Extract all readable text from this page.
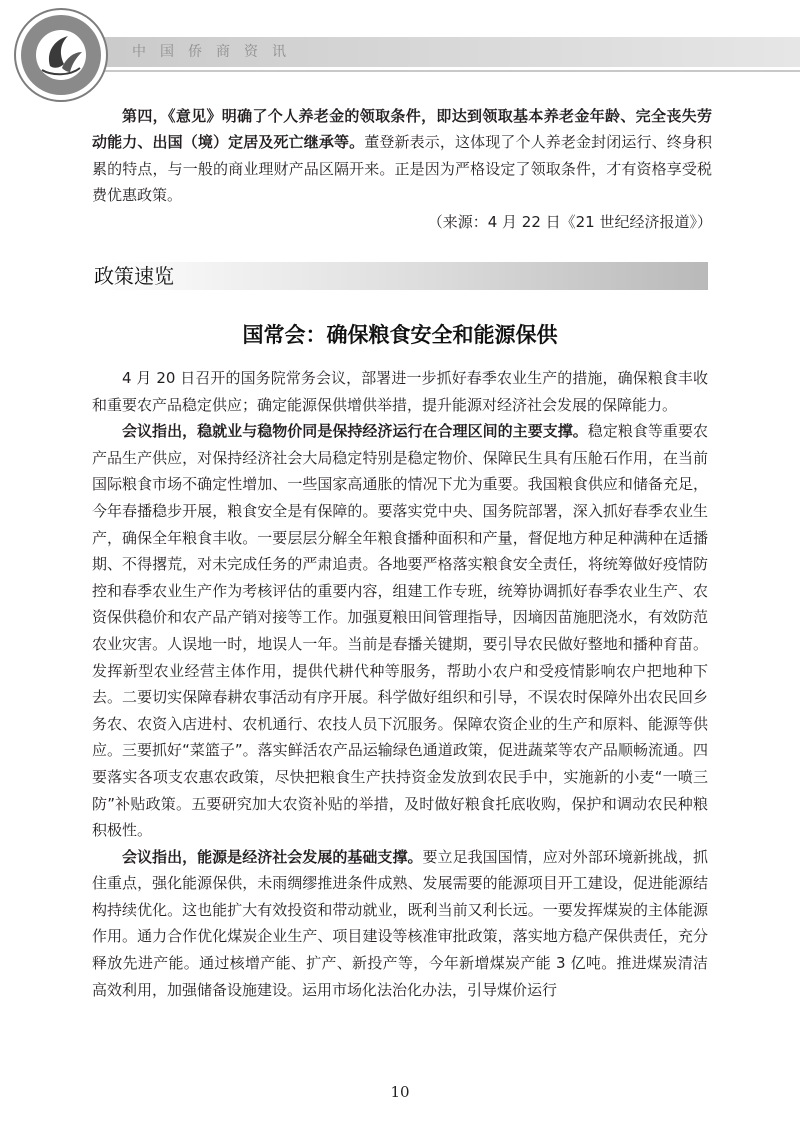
中国侨商资讯

第四，《意见》明确了个人养老金的领取条件，即达到领取基本养老金年龄、完全丧失劳动能力、出国（境）定居及死亡继承等。董登新表示，这体现了个人养老金封闭运行、终身积累的特点，与一般的商业理财产品区隔开来。正是因为严格设定了领取条件，才有资格享受税费优惠政策。

（来源：4 月 22 日《21 世纪经济报道》）

政策速览
国常会：确保粮食安全和能源保供

4 月 20 日召开的国务院常务会议，部署进一步抓好春季农业生产的措施，确保粮食丰收和重要农产品稳定供应；确定能源保供增供举措，提升能源对经济社会发展的保障能力。

会议指出，稳就业与稳物价同是保持经济运行在合理区间的主要支撑。稳定粮食等重要农产品生产供应，对保持经济社会大局稳定特别是稳定物价、保障民生具有压舱石作用，在当前国际粮食市场不确定性增加、一些国家高通胀的情况下尤为重要。我国粮食供应和储备充足，今年春播稳步开展，粮食安全是有保障的。要落实党中央、国务院部署，深入抓好春季农业生产，确保全年粮食丰收。一要层层分解全年粮食播种面积和产量，督促地方种足种满种在适播期、不得撂荒，对未完成任务的严肃追责。各地要严格落实粮食安全责任，将统筹做好疫情防控和春季农业生产作为考核评估的重要内容，组建工作专班，统筹协调抓好春季农业生产、农资保供稳价和农产品产销对接等工作。加强夏粮田间管理指导，因墒因苗施肥浇水，有效防范农业灾害。人误地一时，地误人一年。当前是春播关键期，要引导农民做好整地和播种育苗。发挥新型农业经营主体作用，提供代耕代种等服务，帮助小农户和受疫情影响农户把地种下去。二要切实保障春耕农事活动有序开展。科学做好组织和引导，不误农时保障外出农民回乡务农、农资入店进村、农机通行、农技人员下沉服务。保障农资企业的生产和原料、能源等供应。三要抓好“菜篮子”。落实鲜活农产品运输绿色通道政策，促进蔬菜等农产品顺畅流通。四要落实各项支农惠农政策，尽快把粮食生产扶持资金发放到农民手中，实施新的小麦“一喷三防”补贴政策。五要研究加大农资补贴的举措，及时做好粮食托底收购，保护和调动农民种粮积极性。

会议指出，能源是经济社会发展的基础支撑。要立足我国国情，应对外部环境新挑战，抓住重点，强化能源保供，未雨绸缪推进条件成熟、发展需要的能源项目开工建设，促进能源结构持续优化。这也能扩大有效投资和带动就业，既利当前又利长远。一要发挥煤炭的主体能源作用。通力合作优化煤炭企业生产、项目建设等核准审批政策，落实地方稳产保供责任，充分释放先进产能。通过核增产能、扩产、新投产等，今年新增煤炭产能 3 亿吨。推进煤炭清洁高效利用，加强储备设施建设。运用市场化法治化办法，引导煤价运行

10
